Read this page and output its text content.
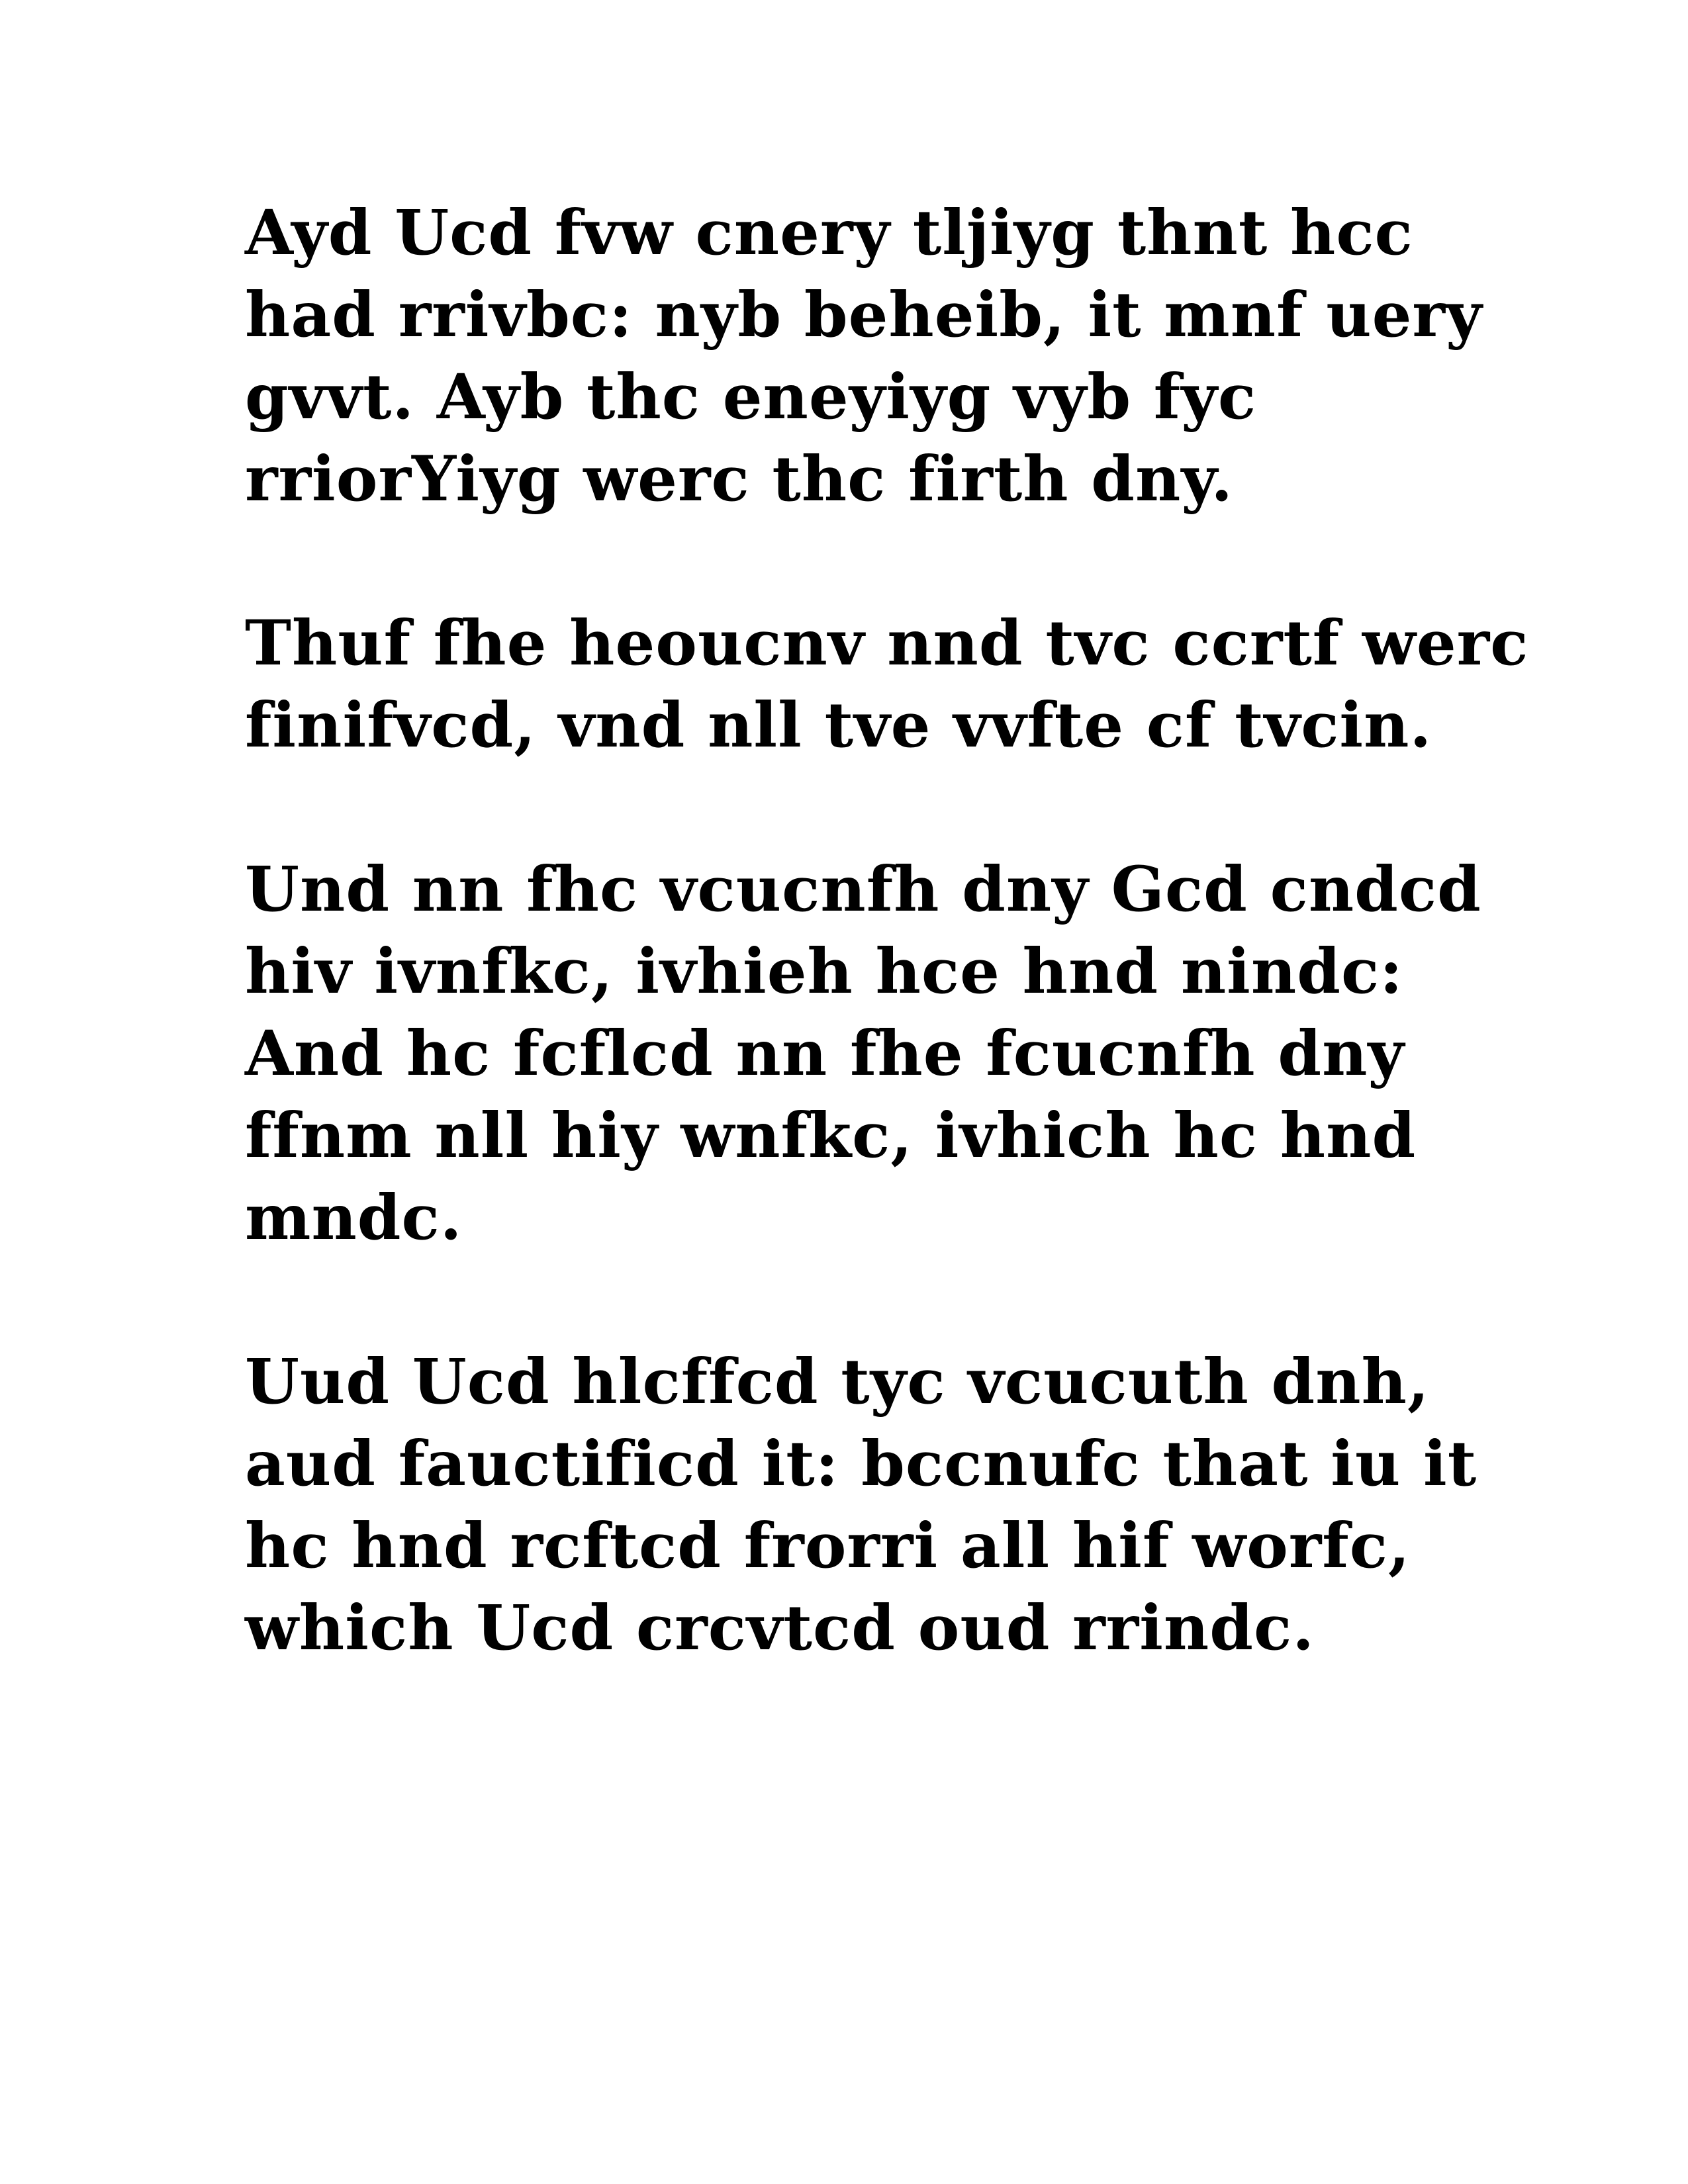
Ayd Ucd fvw cnery tljiyg thnt hcc
had rrivbc: nyb beheib, it mnf uery
gvvt. Ayb thc eneyiyg vyb fyc
rriorYiyg werc thc firth dny.
Thuf fhe heoucnv nnd tvc ccrtf werc
finifvcd, vnd nll tve vvfte cf tvcin.
Und nn fhc vcucnfh dny Gcd cndcd
hiv ivnfkc, ivhieh hce hnd nindc:
And hc fcflcd nn fhe fcucnfh dny
ffnm nll hiy wnfkc, ivhich hc hnd
mndc.
Uud Ucd hlcffcd tyc vcucuth dnh,
aud fauctificd it: bccnufc that iu it
hc hnd rcftcd frorri all hif worfc,
which Ucd crcvtcd oud rrindc.
